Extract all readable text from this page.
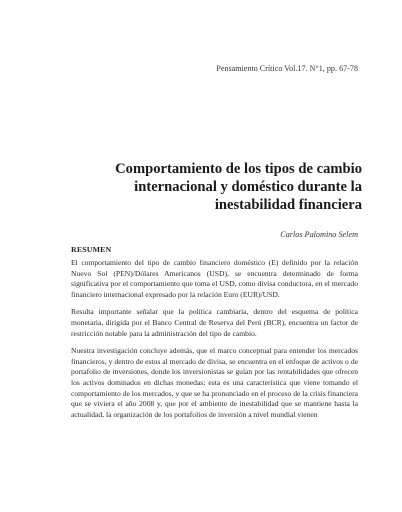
Pensamiento Crítico Vol.17. N°1, pp. 67-78
Comportamiento de los tipos de cambio
internacional y doméstico durante la
inestabilidad financiera
Carlos Palomino Selem
RESUMEN

El comportamiento del tipo de cambio financiero doméstico (E) definido por la relación Nuevo Sol (PEN)/Dólares Americanos (USD), se encuentra determinado de forma significativa por el comportamiento que toma el USD, como divisa conductora, en el mercado financiero internacional expresado por la relación Euro (EUR)/USD.

Resulta importante señalar que la política cambiaria, dentro del esquema de política monetaria, dirigida por el Banco Central de Reserva del Perú (BCR), encuentra un factor de restricción notable para la administración del tipo de cambio.

Nuestra investigación concluye además, que el marco conceptual para entender los mercados financieros, y dentro de estos al mercado de divisa, se encuentra en el enfoque de activos o de portafolio de inversiones, donde los inversionistas se guían por las rentabilidades que ofrecen los activos dominados en dichas monedas; esta es una característica que viene tomando el comportamiento de los mercados, y que se ha pronunciado en el proceso de la crisis financiera que se viviera el año 2008 y, que por el ambiente de inestabilidad que se mantiene hasta la actualidad, la organización de los portafolios de inversión a nivel mundial vienen
